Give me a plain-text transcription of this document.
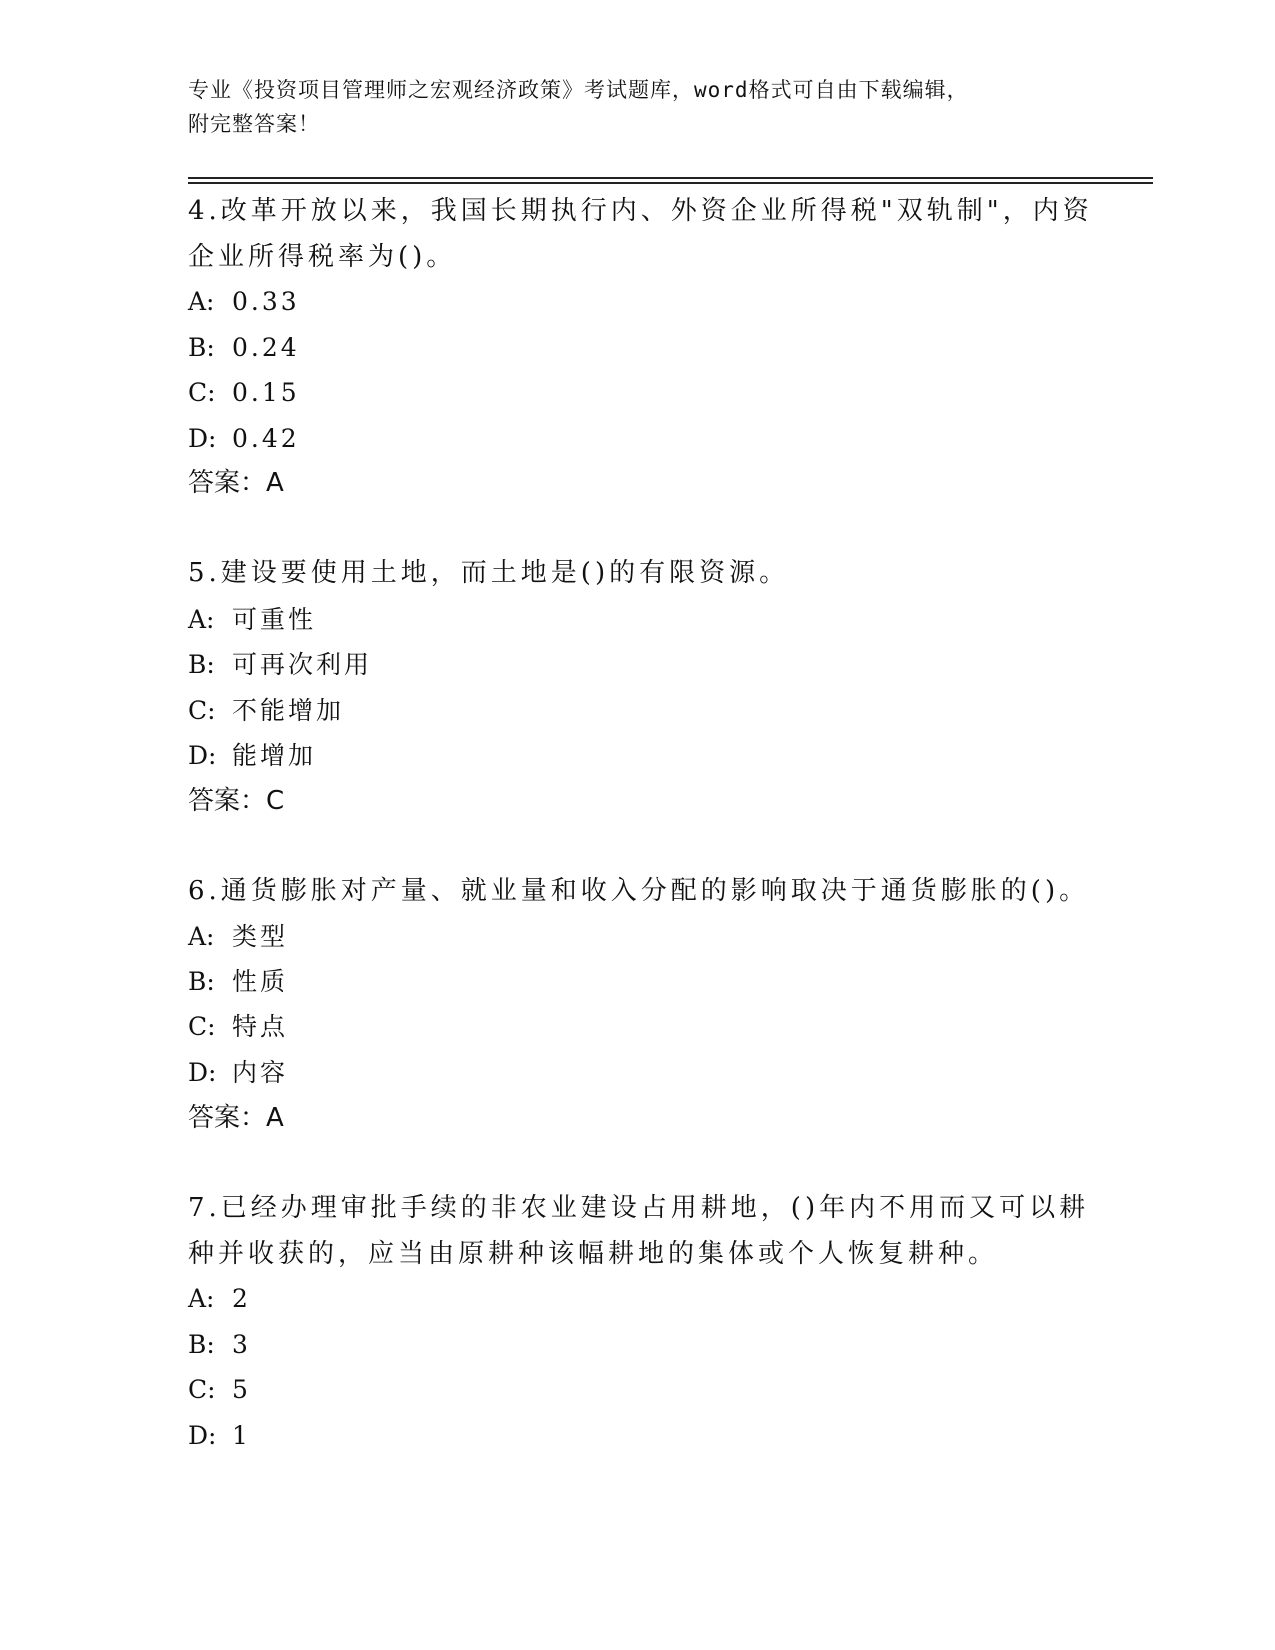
专业《投资项目管理师之宏观经济政策》考试题库，word格式可自由下载编辑，
附完整答案！
4.改革开放以来，我国长期执行内、外资企业所得税"双轨制"，内资
企业所得税率为()。
A: 0.33
B: 0.24
C: 0.15
D: 0.42
答案：A
5.建设要使用土地，而土地是()的有限资源。
A: 可重性
B: 可再次利用
C: 不能增加
D: 能增加
答案：C
6.通货膨胀对产量、就业量和收入分配的影响取决于通货膨胀的()。
A: 类型
B: 性质
C: 特点
D: 内容
答案：A
7.已经办理审批手续的非农业建设占用耕地，()年内不用而又可以耕
种并收获的，应当由原耕种该幅耕地的集体或个人恢复耕种。
A: 2
B: 3
C: 5
D: 1
